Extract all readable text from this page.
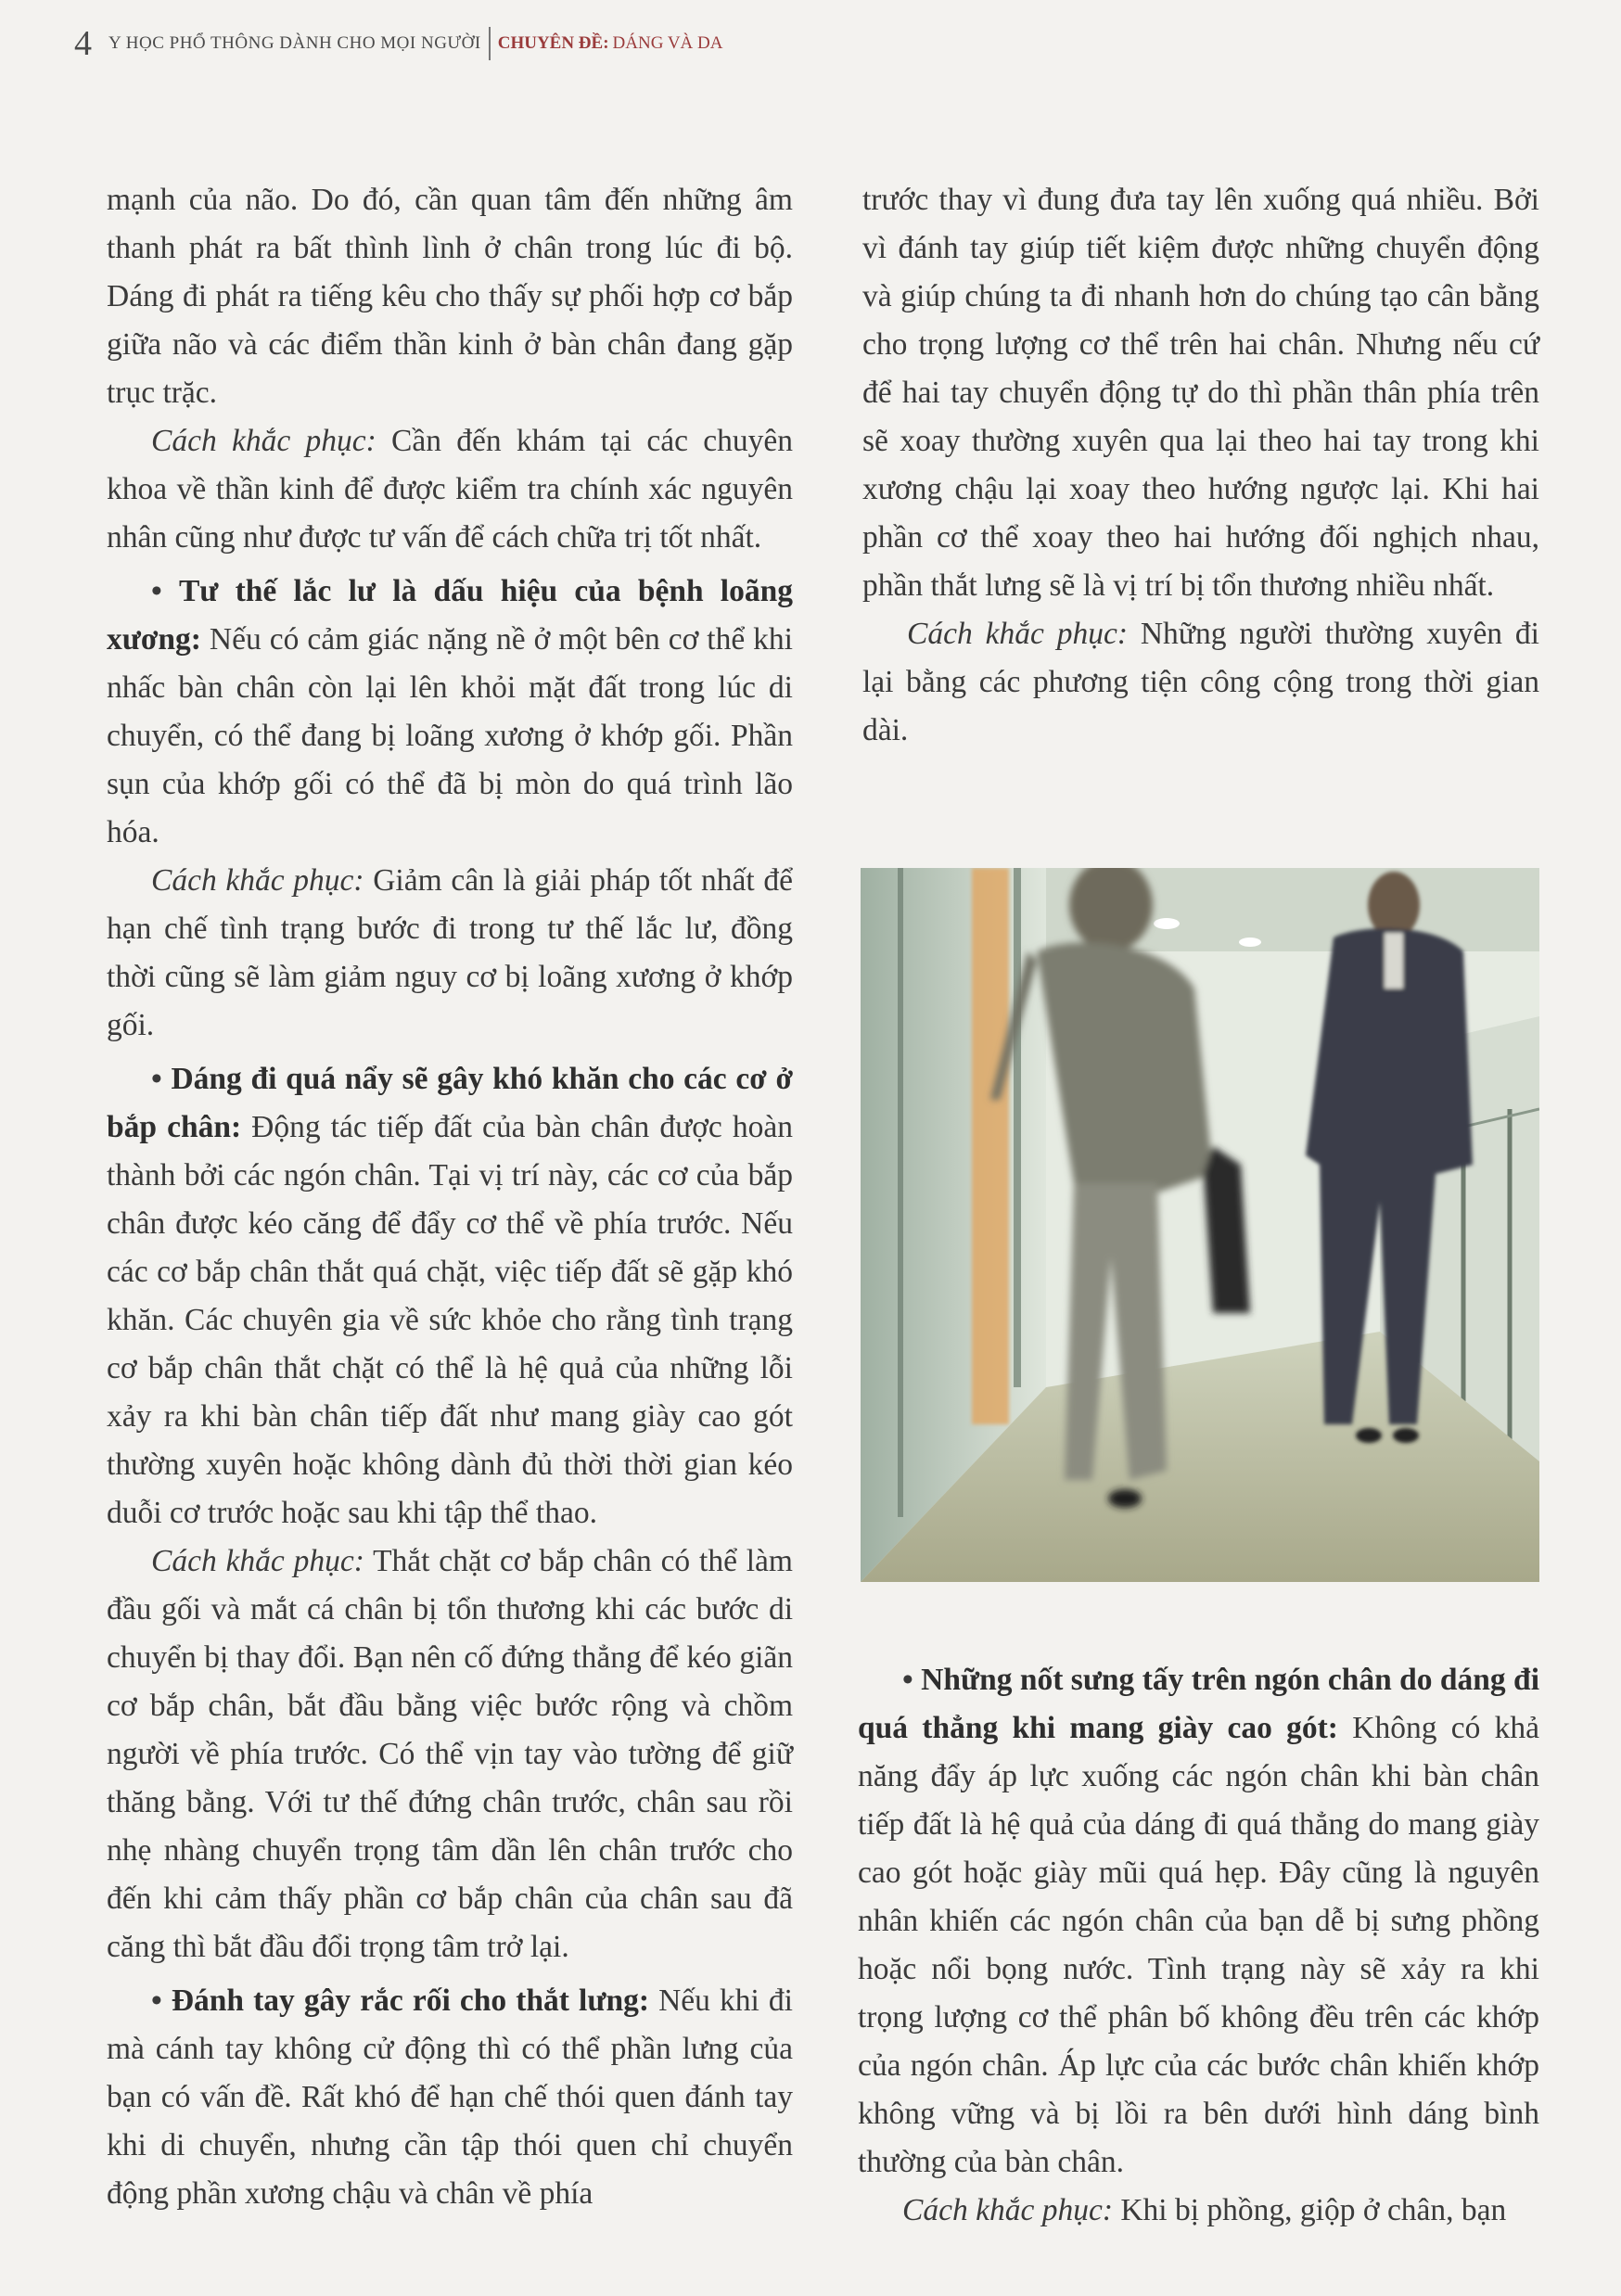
4 Y HỌC PHỔ THÔNG DÀNH CHO MỌI NGƯỜI CHUYÊN ĐỀ: DÁNG VÀ DA

mạnh của não. Do đó, cần quan tâm đến những âm thanh phát ra bất thình lình ở chân trong lúc đi bộ. Dáng đi phát ra tiếng kêu cho thấy sự phối hợp cơ bắp giữa não và các điểm thần kinh ở bàn chân đang gặp trục trặc.

Cách khắc phục: Cần đến khám tại các chuyên khoa về thần kinh để được kiểm tra chính xác nguyên nhân cũng như được tư vấn để cách chữa trị tốt nhất.

• Tư thế lắc lư là dấu hiệu của bệnh loãng xương: Nếu có cảm giác nặng nề ở một bên cơ thể khi nhấc bàn chân còn lại lên khỏi mặt đất trong lúc di chuyển, có thể đang bị loãng xương ở khớp gối. Phần sụn của khớp gối có thể đã bị mòn do quá trình lão hóa.

Cách khắc phục: Giảm cân là giải pháp tốt nhất để hạn chế tình trạng bước đi trong tư thế lắc lư, đồng thời cũng sẽ làm giảm nguy cơ bị loãng xương ở khớp gối.

• Dáng đi quá nẩy sẽ gây khó khăn cho các cơ ở bắp chân: Động tác tiếp đất của bàn chân được hoàn thành bởi các ngón chân. Tại vị trí này, các cơ của bắp chân được kéo căng để đẩy cơ thể về phía trước. Nếu các cơ bắp chân thắt quá chặt, việc tiếp đất sẽ gặp khó khăn. Các chuyên gia về sức khỏe cho rằng tình trạng cơ bắp chân thắt chặt có thể là hệ quả của những lỗi xảy ra khi bàn chân tiếp đất như mang giày cao gót thường xuyên hoặc không dành đủ thời thời gian kéo duỗi cơ trước hoặc sau khi tập thể thao.

Cách khắc phục: Thắt chặt cơ bắp chân có thể làm đầu gối và mắt cá chân bị tổn thương khi các bước di chuyển bị thay đổi. Bạn nên cố đứng thẳng để kéo giãn cơ bắp chân, bắt đầu bằng việc bước rộng và chồm người về phía trước. Có thể vịn tay vào tường để giữ thăng bằng. Với tư thế đứng chân trước, chân sau rồi nhẹ nhàng chuyển trọng tâm dần lên chân trước cho đến khi cảm thấy phần cơ bắp chân của chân sau đã căng thì bắt đầu đổi trọng tâm trở lại.

• Đánh tay gây rắc rối cho thắt lưng: Nếu khi đi mà cánh tay không cử động thì có thể phần lưng của bạn có vấn đề. Rất khó để hạn chế thói quen đánh tay khi di chuyển, nhưng cần tập thói quen chỉ chuyển động phần xương chậu và chân về phía

trước thay vì đung đưa tay lên xuống quá nhiều. Bởi vì đánh tay giúp tiết kiệm được những chuyển động và giúp chúng ta đi nhanh hơn do chúng tạo cân bằng cho trọng lượng cơ thể trên hai chân. Nhưng nếu cứ để hai tay chuyển động tự do thì phần thân phía trên sẽ xoay thường xuyên qua lại theo hai tay trong khi xương chậu lại xoay theo hướng ngược lại. Khi hai phần cơ thể xoay theo hai hướng đối nghịch nhau, phần thắt lưng sẽ là vị trí bị tổn thương nhiều nhất.

Cách khắc phục: Những người thường xuyên đi lại bằng các phương tiện công cộng trong thời gian dài.

• Những nốt sưng tấy trên ngón chân do dáng đi quá thẳng khi mang giày cao gót: Không có khả năng đẩy áp lực xuống các ngón chân khi bàn chân tiếp đất là hệ quả của dáng đi quá thẳng do mang giày cao gót hoặc giày mũi quá hẹp. Đây cũng là nguyên nhân khiến các ngón chân của bạn dễ bị sưng phồng hoặc nổi bọng nước. Tình trạng này sẽ xảy ra khi trọng lượng cơ thể phân bố không đều trên các khớp của ngón chân. Áp lực của các bước chân khiến khớp không vững và bị lồi ra bên dưới hình dáng bình thường của bàn chân.

Cách khắc phục: Khi bị phồng, giộp ở chân, bạn
